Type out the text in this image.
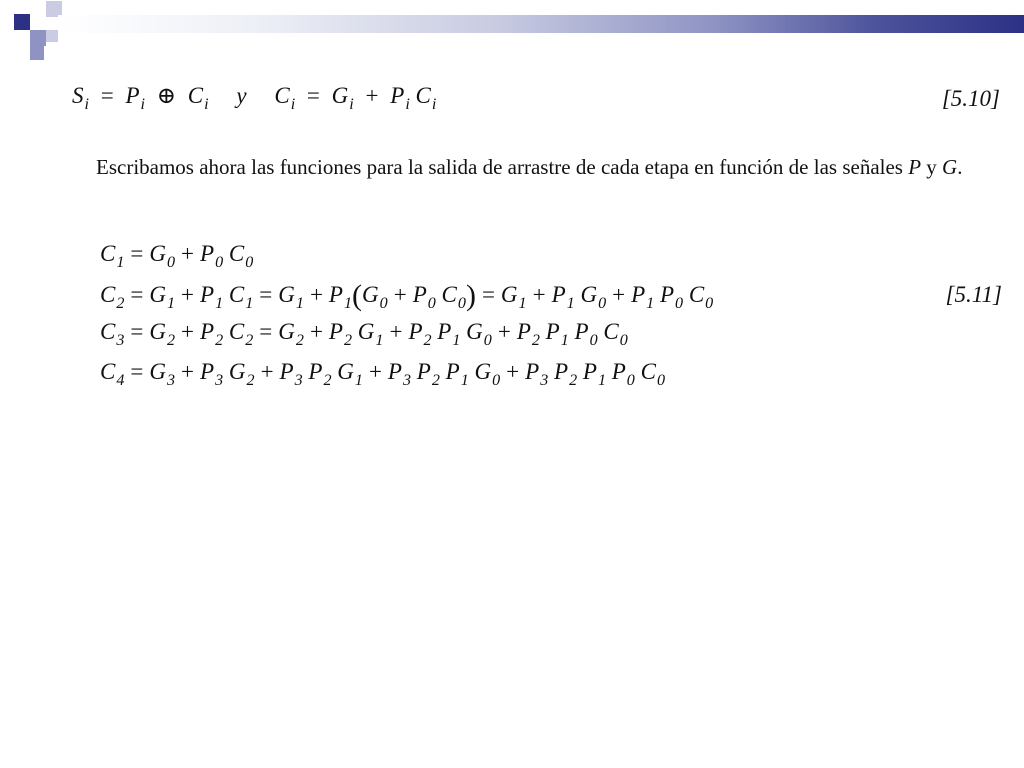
$S_i = P_i$ ⊕ $C_i$ y $C_i = G_i + P_i$ $C_i$	[5.10]
Escribamos ahora las funciones para la salida de arrastre de cada etapa en función de las señales P y G.
$C_1 = G_0 + P_0$ $C_0$
$C_2 = G_1 + P_1$ $C_1 = G_1 + P_1(G_0 + P_0$ $C_0) = G_1 + P_1$ $G_0 + P_1$ $P_0$ $C_0$	[5.11]
$C_3 = G_2 + P_2$ $C_2 = G_2 + P_2$ $G_1 + P_2$ $P_1$ $G_0 + P_2$ $P_1$ $P_0$ $C_0$
$C_4 = G_3 + P_3$ $G_2 + P_3$ $P_2$ $G_1 + P_3$ $P_2$ $P_1$ $G_0 + P_3$ $P_2$ $P_1$ $P_0$ $C_0$
